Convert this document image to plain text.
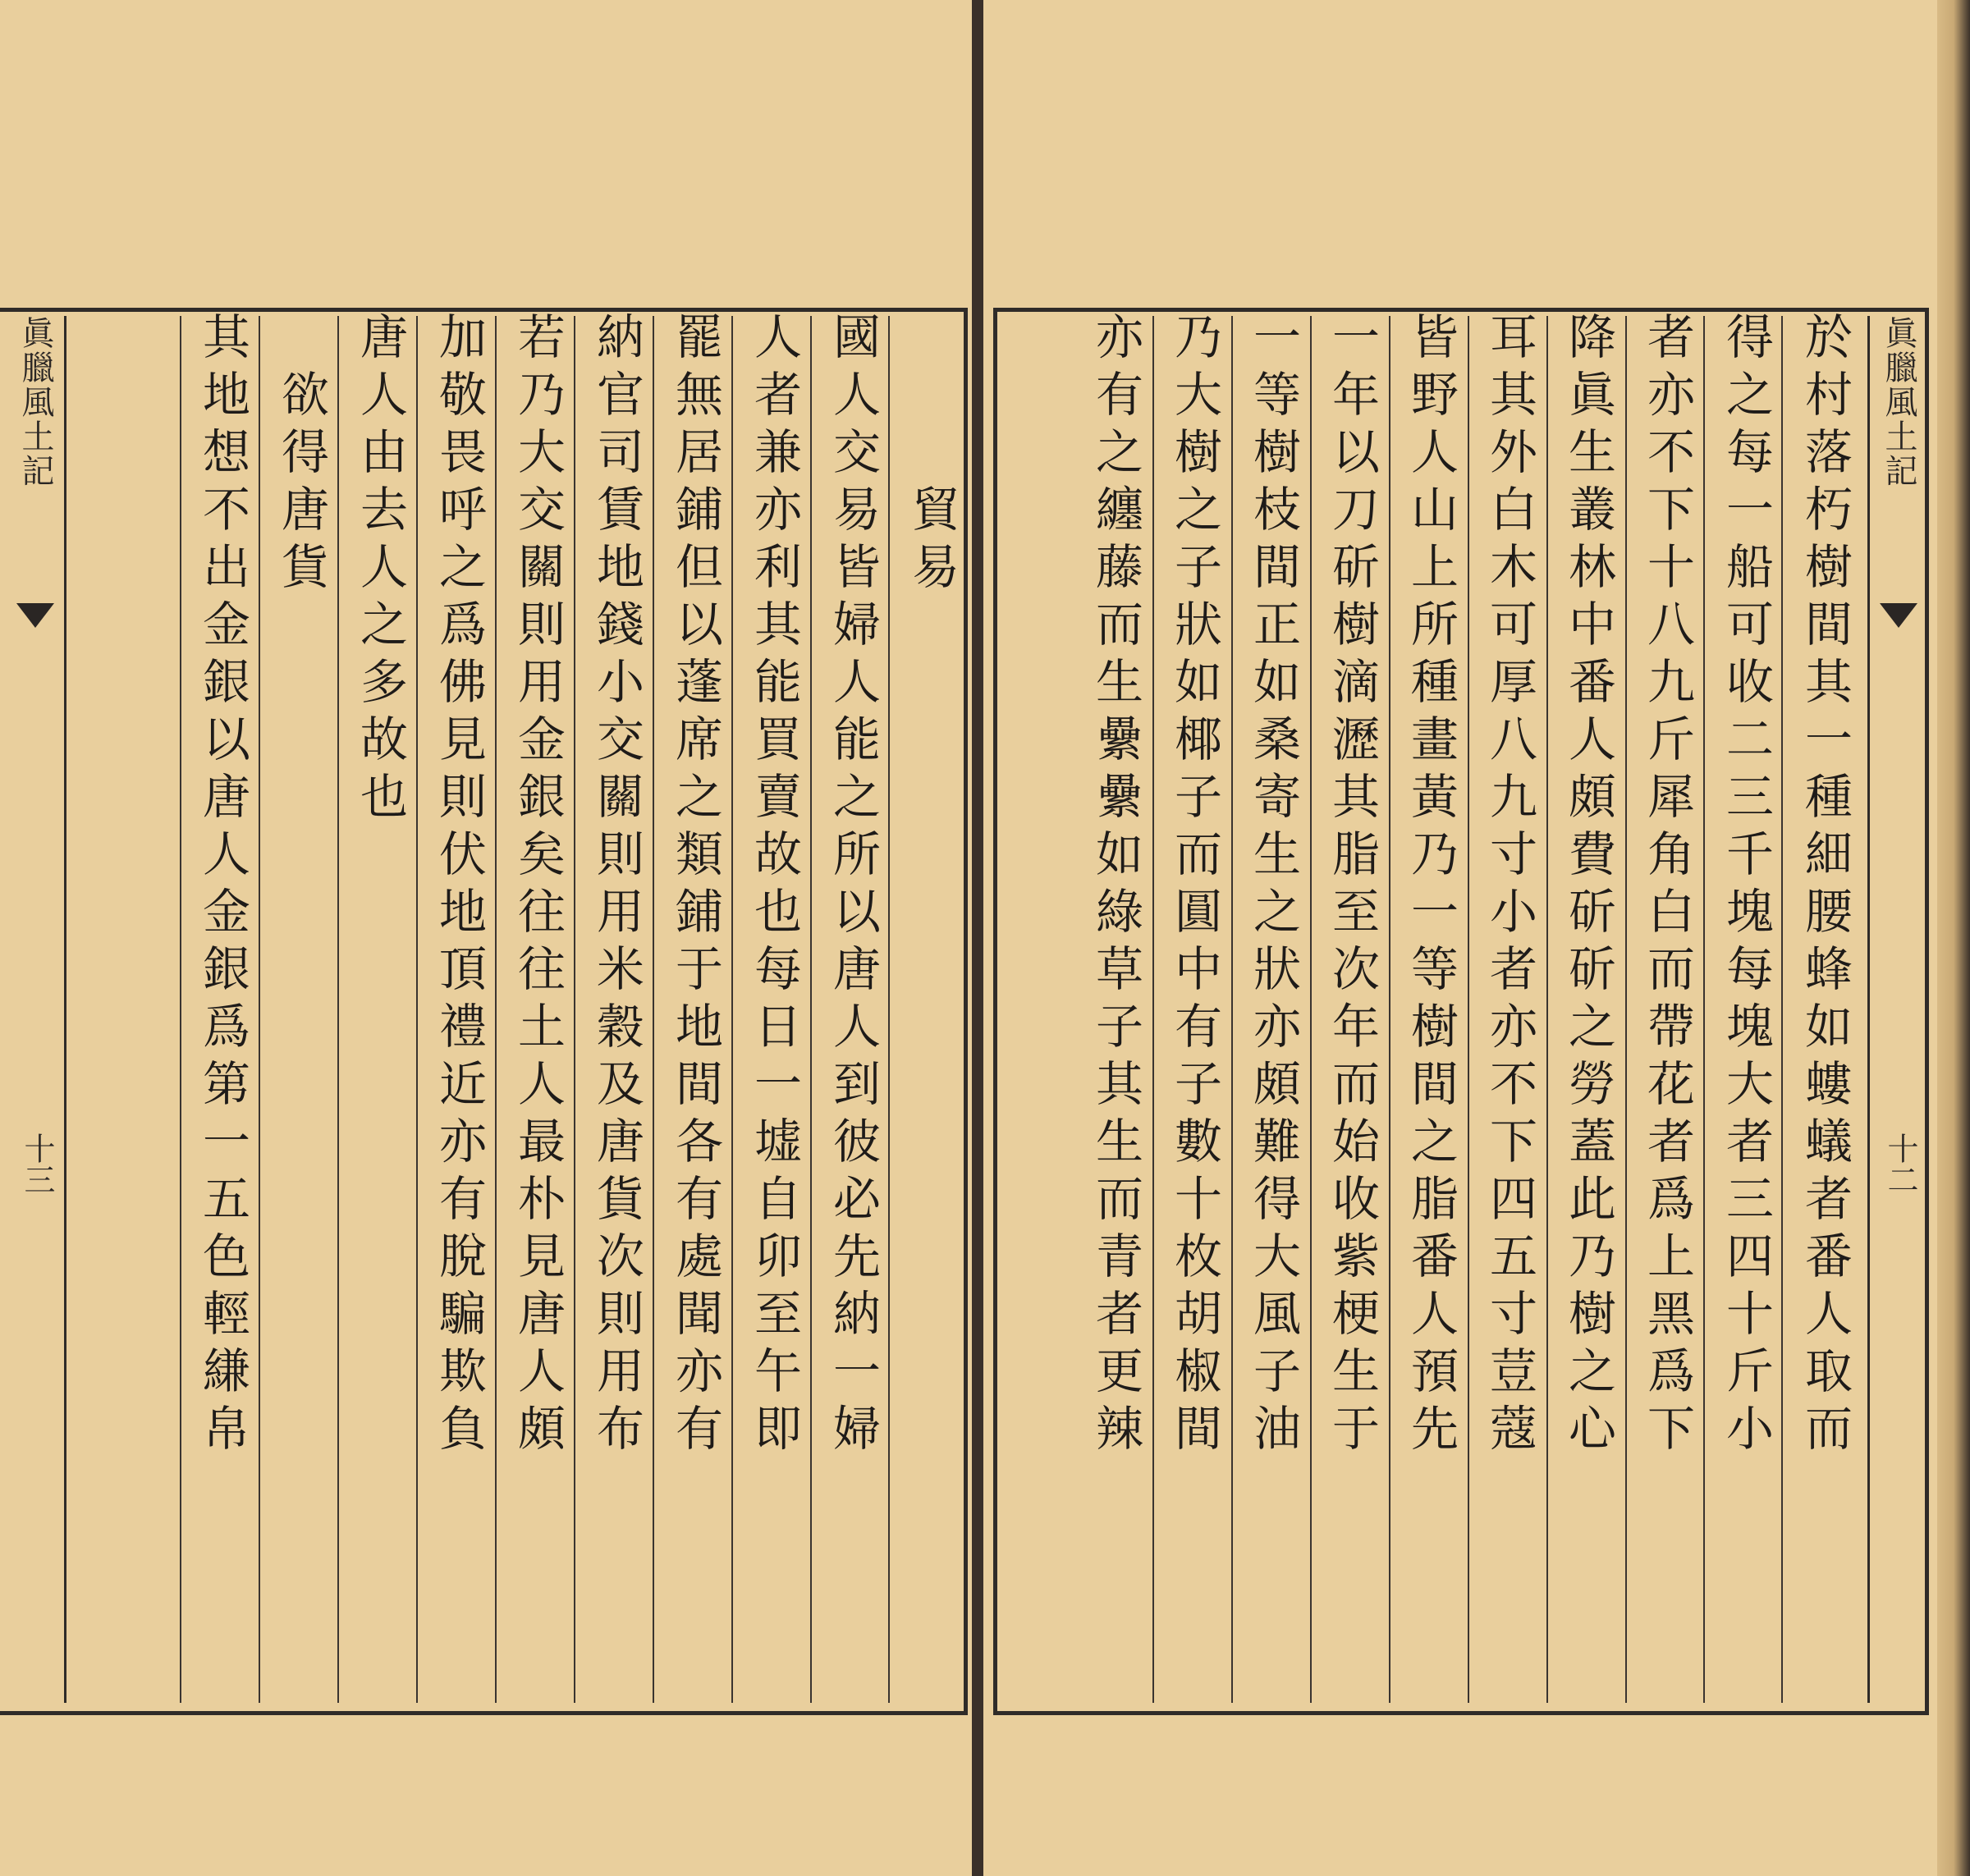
眞臘風土記
十二
眞臘風土記
十三	於村落朽樹間其一種細腰蜂如螻蟻者番人取而
得之每一船可收二三千塊每塊大者三四十斤小
者亦不下十八九斤犀角白而帶花者爲上黑爲下
降眞生叢林中番人頗費斫斫之勞蓋此乃樹之心
耳其外白木可厚八九寸小者亦不下四五寸荳蔻
皆野人山上所種畫黃乃一等樹間之脂番人預先
一年以刀斫樹滴瀝其脂至次年而始收紫梗生于
一等樹枝間正如桑寄生之狀亦頗難得大風子油
乃大樹之子狀如椰子而圓中有子數十枚胡椒間
亦有之纏藤而生纍纍如綠草子其生而青者更辣
貿易
國人交易皆婦人能之所以唐人到彼必先納一婦
人者兼亦利其能買賣故也每日一墟自卯至午即
罷無居鋪但以蓬席之類鋪于地間各有處聞亦有
納官司賃地錢小交關則用米穀及唐貨次則用布
若乃大交關則用金銀矣往往土人最朴見唐人頗
加敬畏呼之爲佛見則伏地頂禮近亦有脫騙欺負
唐人由去人之多故也
欲得唐貨
其地想不出金銀以唐人金銀爲第一五色輕縑帛
